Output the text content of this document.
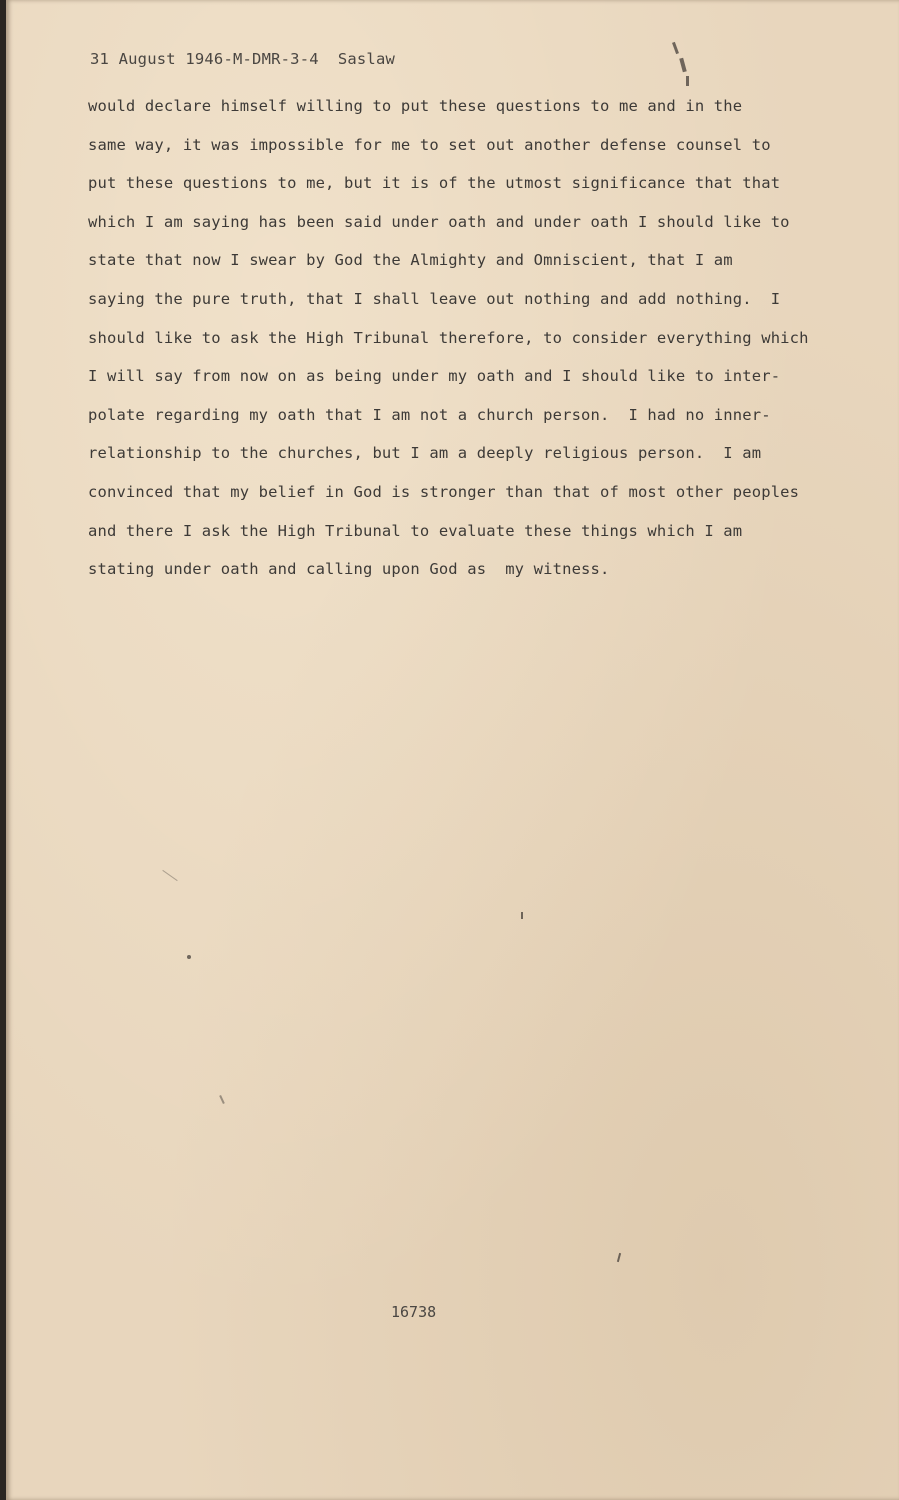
31 August 1946-M-DMR-3-4  Saslaw
would declare himself willing to put these questions to me and in the
same way, it was impossible for me to set out another defense counsel to
put these questions to me, but it is of the utmost significance that that
which I am saying has been said under oath and under oath I should like to
state that now I swear by God the Almighty and Omniscient, that I am
saying the pure truth, that I shall leave out nothing and add nothing.  I
should like to ask the High Tribunal therefore, to consider everything which
I will say from now on as being under my oath and I should like to inter-
polate regarding my oath that I am not a church person.  I had no inner-
relationship to the churches, but I am a deeply religious person.  I am
convinced that my belief in God is stronger than that of most other peoples
and there I ask the High Tribunal to evaluate these things which I am
stating under oath and calling upon God as  my witness.
16738
